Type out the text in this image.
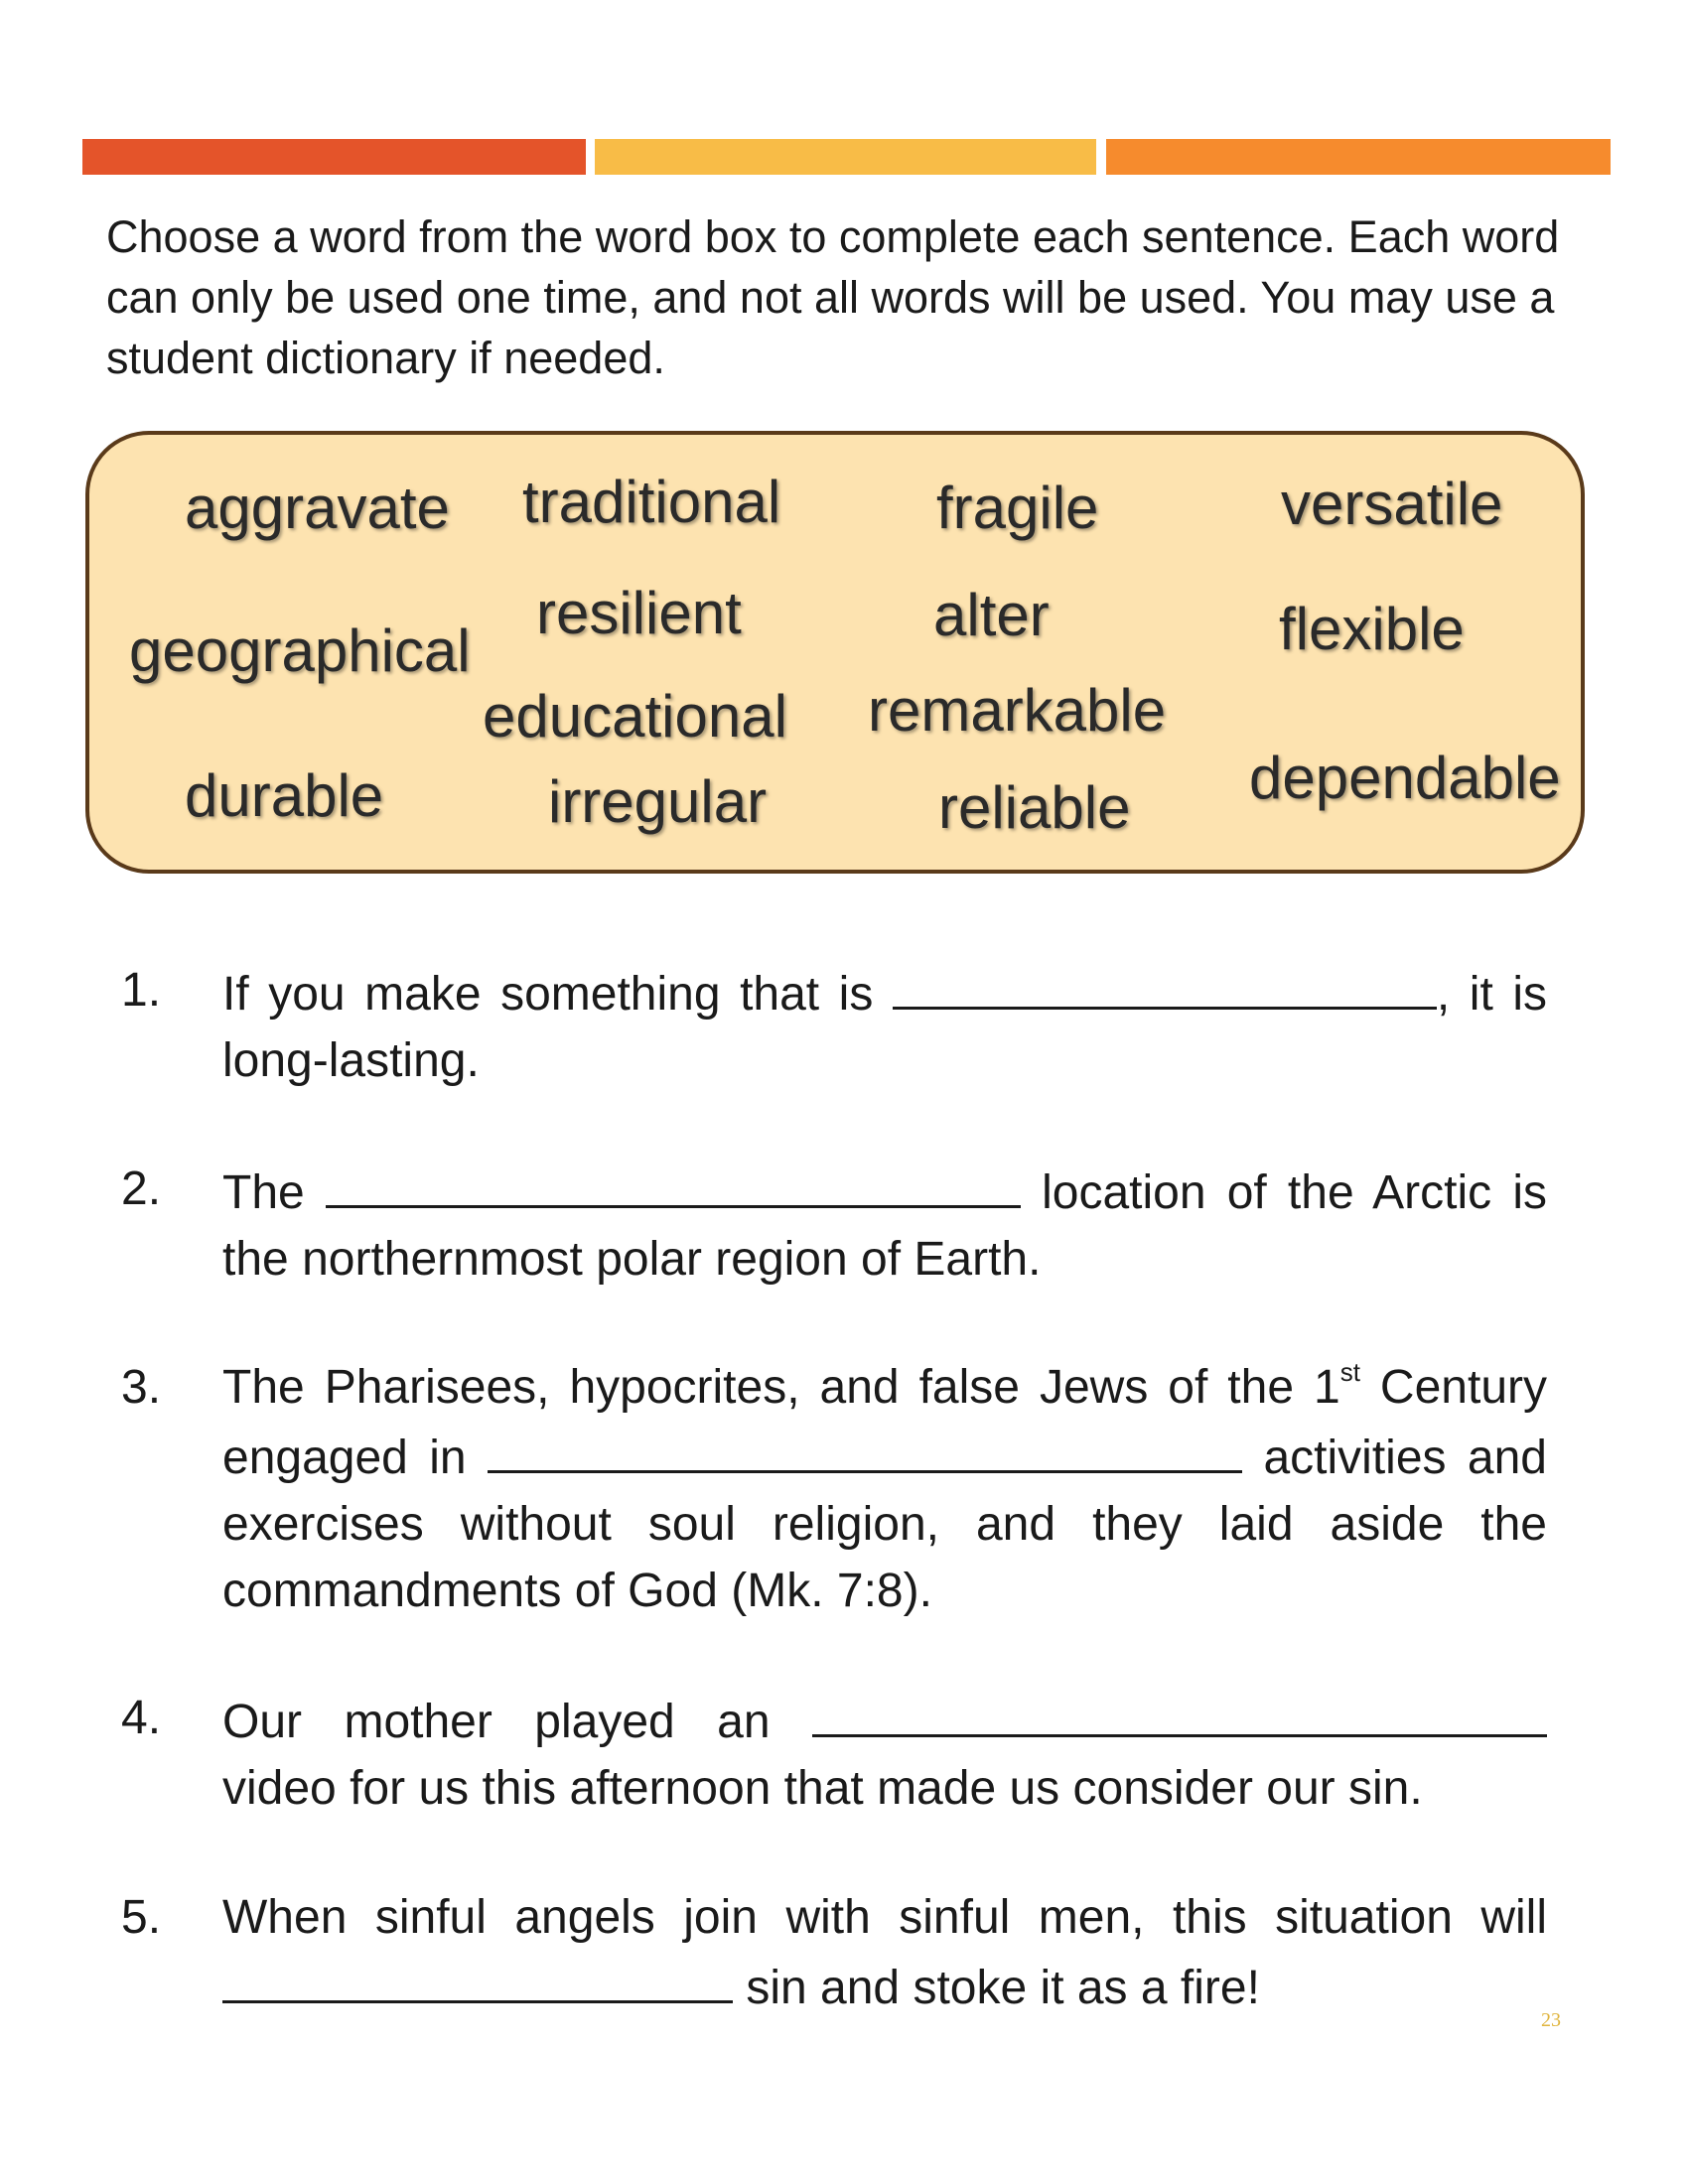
Choose a word from the word box to complete each sentence. Each word can only be used one time, and not all words will be used. You may use a student dictionary if needed.

aggravate traditional	fragile	versatile
geographical
resilient	alter	flexible
educational remarkable
durable	irregular	reliable dependable
1. If you make something that is	, it is long-lasting.

2. The	location of the Arctic is the northernmost polar region of Earth.

3. The Pharisees, hypocrites, and false Jews of the 1st Century engaged in	activities and exercises without soul religion, and they laid aside the commandments of God (Mk. 7:8).

4. Our mother played an  video for us this afternoon that made us consider our sin.

5. When sinful angels join with sinful men, this situation will  sin and stoke it as a fire!

23
